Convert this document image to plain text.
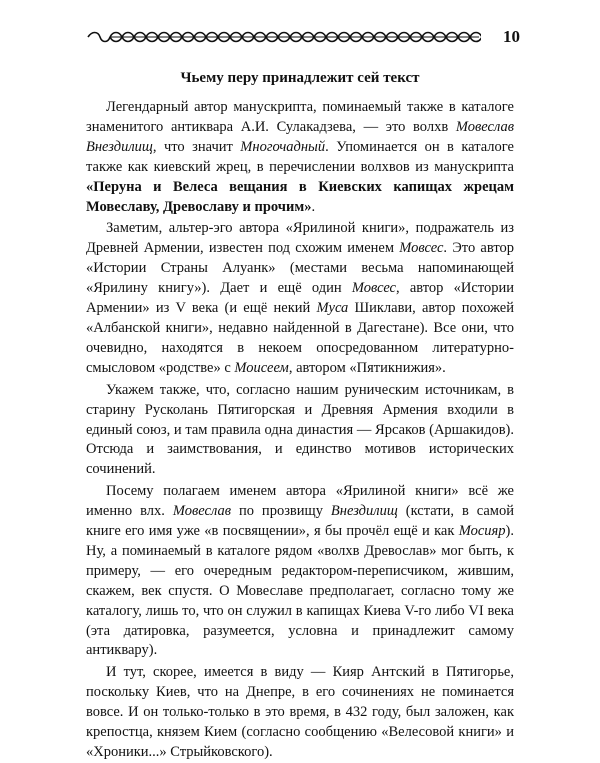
10
Чьему перу принадлежит сей текст

Легендарный автор манускрипта, поминаемый также в каталоге знаменитого антиквара А.И. Сулакадзева, — это волхв Мовеслав Внездилищ, что значит Многочадный. Упоминается он в каталоге также как киевский жрец, в перечислении волхвов из манускрипта «Перуна и Велеса вещания в Киевских капищах жрецам Мовеславу, Древославу и прочим».

Заметим, альтер-эго автора «Ярилиной книги», подражатель из Древней Армении, известен под схожим именем Мовсес. Это автор «Истории Страны Алуанк» (местами весьма напоминающей «Ярилину книгу»). Дает и ещё один Мовсес, автор «Истории Армении» из V века (и ещё некий Муса Шиклави, автор похожей «Албанской книги», недавно найденной в Дагестане). Все они, что очевидно, находятся в некоем опосредованном литературно-смысловом «родстве» с Моисеем, автором «Пятикнижия».

Укажем также, что, согласно нашим руническим источникам, в старину Русколань Пятигорская и Древняя Армения входили в единый союз, и там правила одна династия — Ярсаков (Аршакидов). Отсюда и заимствования, и единство мотивов исторических сочинений.

Посему полагаем именем автора «Ярилиной книги» всё же именно влх. Мовеслав по прозвищу Внездилищ (кстати, в самой книге его имя уже «в посвящении», я бы прочёл ещё и как Мосияр). Ну, а поминаемый в каталоге рядом «волхв Древослав» мог быть, к примеру, — его очередным редактором-переписчиком, жившим, скажем, век спустя. О Мовеславе предполагает, согласно тому же каталогу, лишь то, что он служил в капищах Киева V-го либо VI века (эта датировка, разумеется, условна и принадлежит самому антиквару).

И тут, скорее, имеется в виду — Кияр Антский в Пятигорье, поскольку Киев, что на Днепре, в его сочинениях не поминается вовсе. И он только-только в это время, в 432 году, был заложен, как крепостца, князем Кием (согласно сообщению «Велесовой книги» и «Хроники...» Стрыйковского).
